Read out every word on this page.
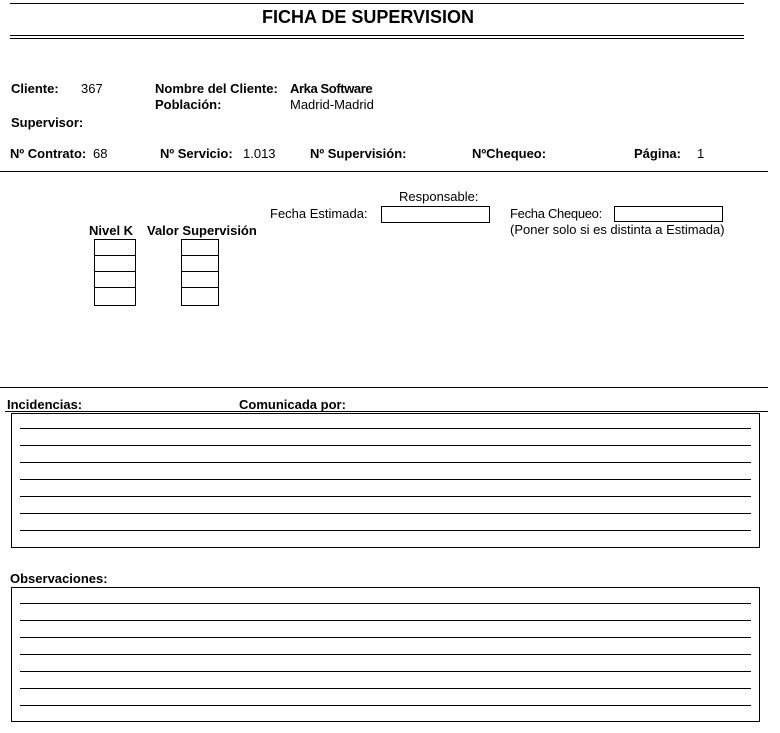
FICHA DE SUPERVISION
Cliente: 367	Nombre del Cliente: Arka Software
Población:	Madrid-Madrid
Supervisor:
Nº Contrato: 68	Nº Servicio: 1.013	Nº Supervisión:	NºChequeo:	Página: 1
Responsable:
Fecha Estimada:	Fecha Chequeo:
(Poner solo si es distinta a Estimada)
Nivel K Valor Supervisión
Incidencias:	Comunicada por:
Observaciones:
